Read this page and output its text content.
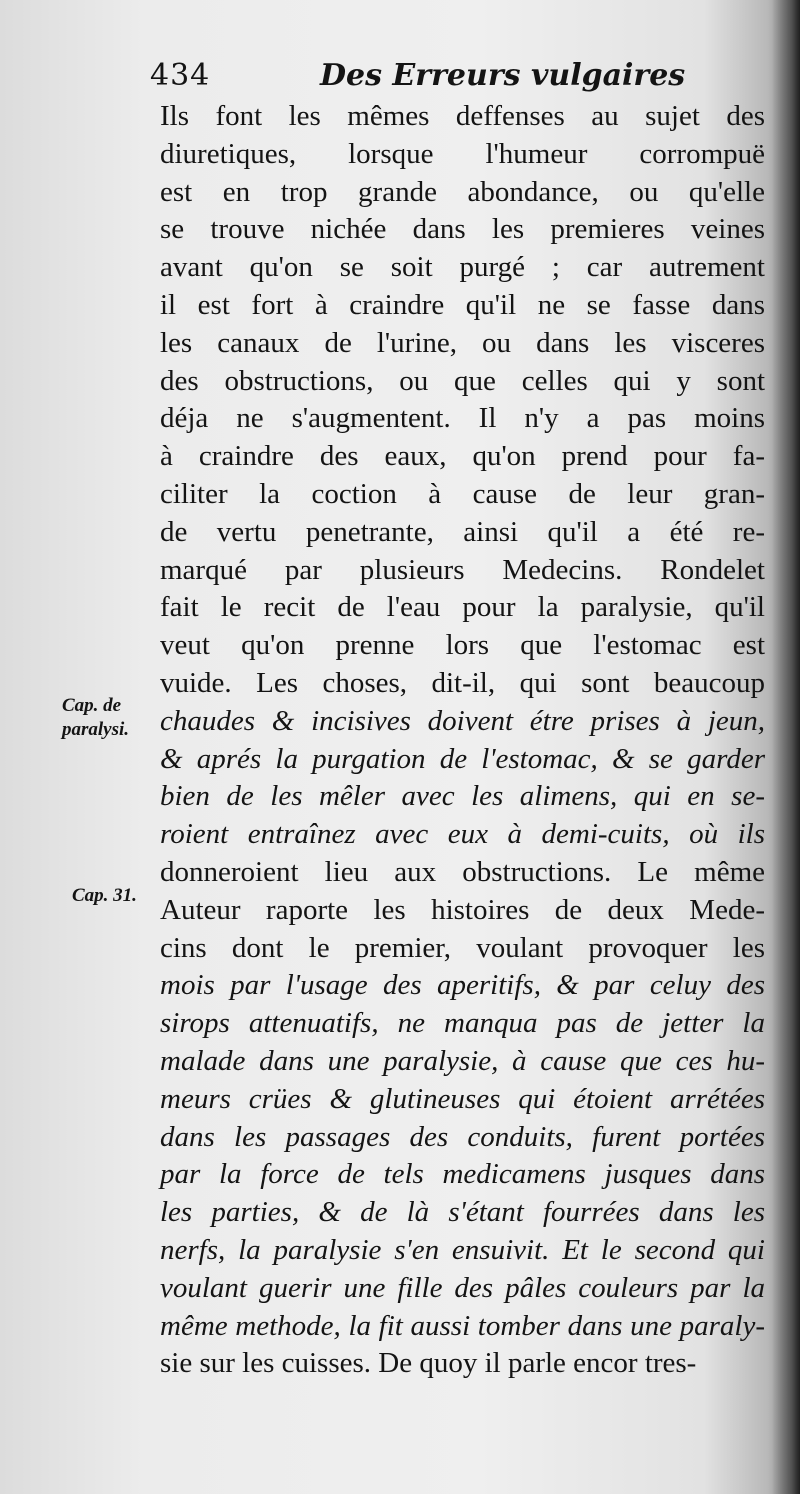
434	Des Erreurs vulgaires
Cap. de paralysi.
Cap. 31.
Ils font les mêmes deffenses au sujet des
diuretiques, lorsque l'humeur corrompuë
est en trop grande abondance, ou qu'elle
se trouve nichée dans les premieres veines
avant qu'on se soit purgé ; car autrement
il est fort à craindre qu'il ne se fasse dans
les canaux de l'urine, ou dans les visceres
des obstructions, ou que celles qui y sont
déja ne s'augmentent. Il n'y a pas moins
à craindre des eaux, qu'on prend pour fa-
ciliter la coction à cause de leur gran-
de vertu penetrante, ainsi qu'il a été re-
marqué par plusieurs Medecins. Rondelet
fait le recit de l'eau pour la paralysie, qu'il
veut qu'on prenne lors que l'estomac est
vuide. Les choses, dit-il, qui sont beaucoup
chaudes & incisives doivent étre prises à jeun,
& aprés la purgation de l'estomac, & se garder
bien de les mêler avec les alimens, qui en se-
roient entraînez avec eux à demi-cuits, où ils
donneroient lieu aux obstructions. Le même
Auteur raporte les histoires de deux Mede-
cins dont le premier, voulant provoquer les
mois par l'usage des aperitifs, & par celuy des
sirops attenuatifs, ne manqua pas de jetter la
malade dans une paralysie, à cause que ces hu-
meurs crües & glutineuses qui étoient arrétées
dans les passages des conduits, furent portées
par la force de tels medicamens jusques dans
les parties, & de là s'étant fourrées dans les
nerfs, la paralysie s'en ensuivit. Et le second qui
voulant guerir une fille des pâles couleurs par la
même methode, la fit aussi tomber dans une paraly-
sie sur les cuisses. De quoy il parle encor tres-
